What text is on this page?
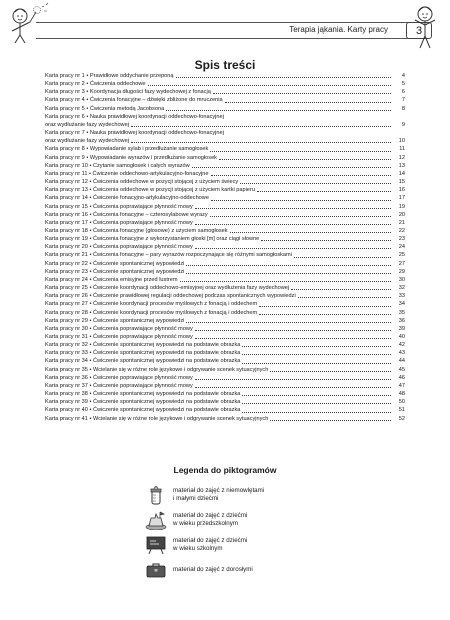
Terapia jąkania. Karty pracy	3
Spis treści
Karta pracy nr 1 • Prawidłowe oddychanie przeponą	4
Karta pracy nr 2 • Ćwiczenia oddechowe	5
Karta pracy nr 3 • Koordynacja długości fazy wydechowej z fonacją	6
Karta pracy nr 4 • Ćwiczenia fonacyjne – dźwięki zbliżone do mruczenia	7
Karta pracy nr 5 • Ćwiczenia metodą Jacobsona	8
Karta pracy nr 6 • Nauka prawidłowej koordynacji oddechowo-fonacyjnej
oraz wydłużanie fazy wydechowej	9
Karta pracy nr 7 • Nauka prawidłowej koordynacji oddechowo-fonacyjnej
oraz wydłużanie fazy wydechowej	10
Karta pracy nr 8 • Wypowiadanie sylab i przedłużanie samogłosek	11
Karta pracy nr 9 • Wypowiadanie wyrazów i przedłużanie samogłosek	12
Karta pracy nr 10 • Czytanie samogłosek i całych wyrazów	13
Karta pracy nr 11 • Ćwiczenie oddechowo-artykulacyjno-fonacyjne	14
Karta pracy nr 12 • Ćwiczenia oddechowe w pozycji stojącej z użyciem świecy	15
Karta pracy nr 13 • Ćwiczenia oddechowe w pozycji stojącej z użyciem kartki papieru	16
Karta pracy nr 14 • Ćwiczenie fonacyjno-artykulacyjno-oddechowe	17
Karta pracy nr 15 • Ćwiczenia poprawiające płynność mowy	19
Karta pracy nr 16 • Ćwiczenia fonacyjne – czterosylabowe wyrazy	20
Karta pracy nr 17 • Ćwiczenia poprawiające płynność mowy	21
Karta pracy nr 18 • Ćwiczenia fonacyjne (głosowe) z użyciem samogłosek	22
Karta pracy nr 19 • Ćwiczenia fonacyjne z wykorzystaniem głoski [m] oraz ciągi słowne	23
Karta pracy nr 20 • Ćwiczenia poprawiające płynność mowy	24
Karta pracy nr 21 • Ćwiczenia fonacyjne – pary wyrazów rozpoczynające się różnymi samogłoskami	25
Karta pracy nr 22 • Ćwiczenie spontanicznej wypowiedzi	27
Karta pracy nr 23 • Ćwiczenie spontanicznej wypowiedzi	29
Karta pracy nr 24 • Ćwiczenia emisyjne przed lustrem	30
Karta pracy nr 25 • Ćwiczenie koordynacji oddechowo-emisyjnej oraz wydłużenia fazy wydechowej	32
Karta pracy nr 26 • Ćwiczenie prawidłowej regulacji oddechowej podczas spontanicznych wypowiedzi	33
Karta pracy nr 27 • Ćwiczenie koordynacji procesów myślowych z fonacją i oddechem	34
Karta pracy nr 28 • Ćwiczenie koordynacji procesów myślowych z fonacją i oddechem	35
Karta pracy nr 29 • Ćwiczenie spontanicznej wypowiedzi	36
Karta pracy nr 30 • Ćwiczenia poprawiające płynność mowy	39
Karta pracy nr 31 • Ćwiczenie poprawiające płynność mowy	40
Karta pracy nr 32 • Ćwiczenie spontanicznej wypowiedzi na podstawie obrazka	42
Karta pracy nr 33 • Ćwiczenie spontanicznej wypowiedzi na podstawie obrazka	43
Karta pracy nr 34 • Ćwiczenie spontanicznej wypowiedzi na podstawie obrazka	44
Karta pracy nr 35 • Wcielanie się w różne role językowe i odgrywanie scenek sytuacyjnych	45
Karta pracy nr 36 • Ćwiczenie poprawiające płynność mowy	46
Karta pracy nr 37 • Ćwiczenie poprawiające płynność mowy	47
Karta pracy nr 38 • Ćwiczenie spontanicznej wypowiedzi na podstawie obrazka	48
Karta pracy nr 39 • Ćwiczenie spontanicznej wypowiedzi na podstawie obrazka	50
Karta pracy nr 40 • Ćwiczenie spontanicznej wypowiedzi na podstawie obrazka	51
Karta pracy nr 41 • Wcielanie się w różne role językowe i odgrywanie scenek sytuacyjnych	52
Legenda do piktogramów
materiał do zajęć z niemowlętami
i małymi dziećmi
materiał do zajęć z dziećmi
w wieku przedszkolnym
materiał do zajęć z dziećmi
w wieku szkolnym
materiał do zajęć z dorosłymi
